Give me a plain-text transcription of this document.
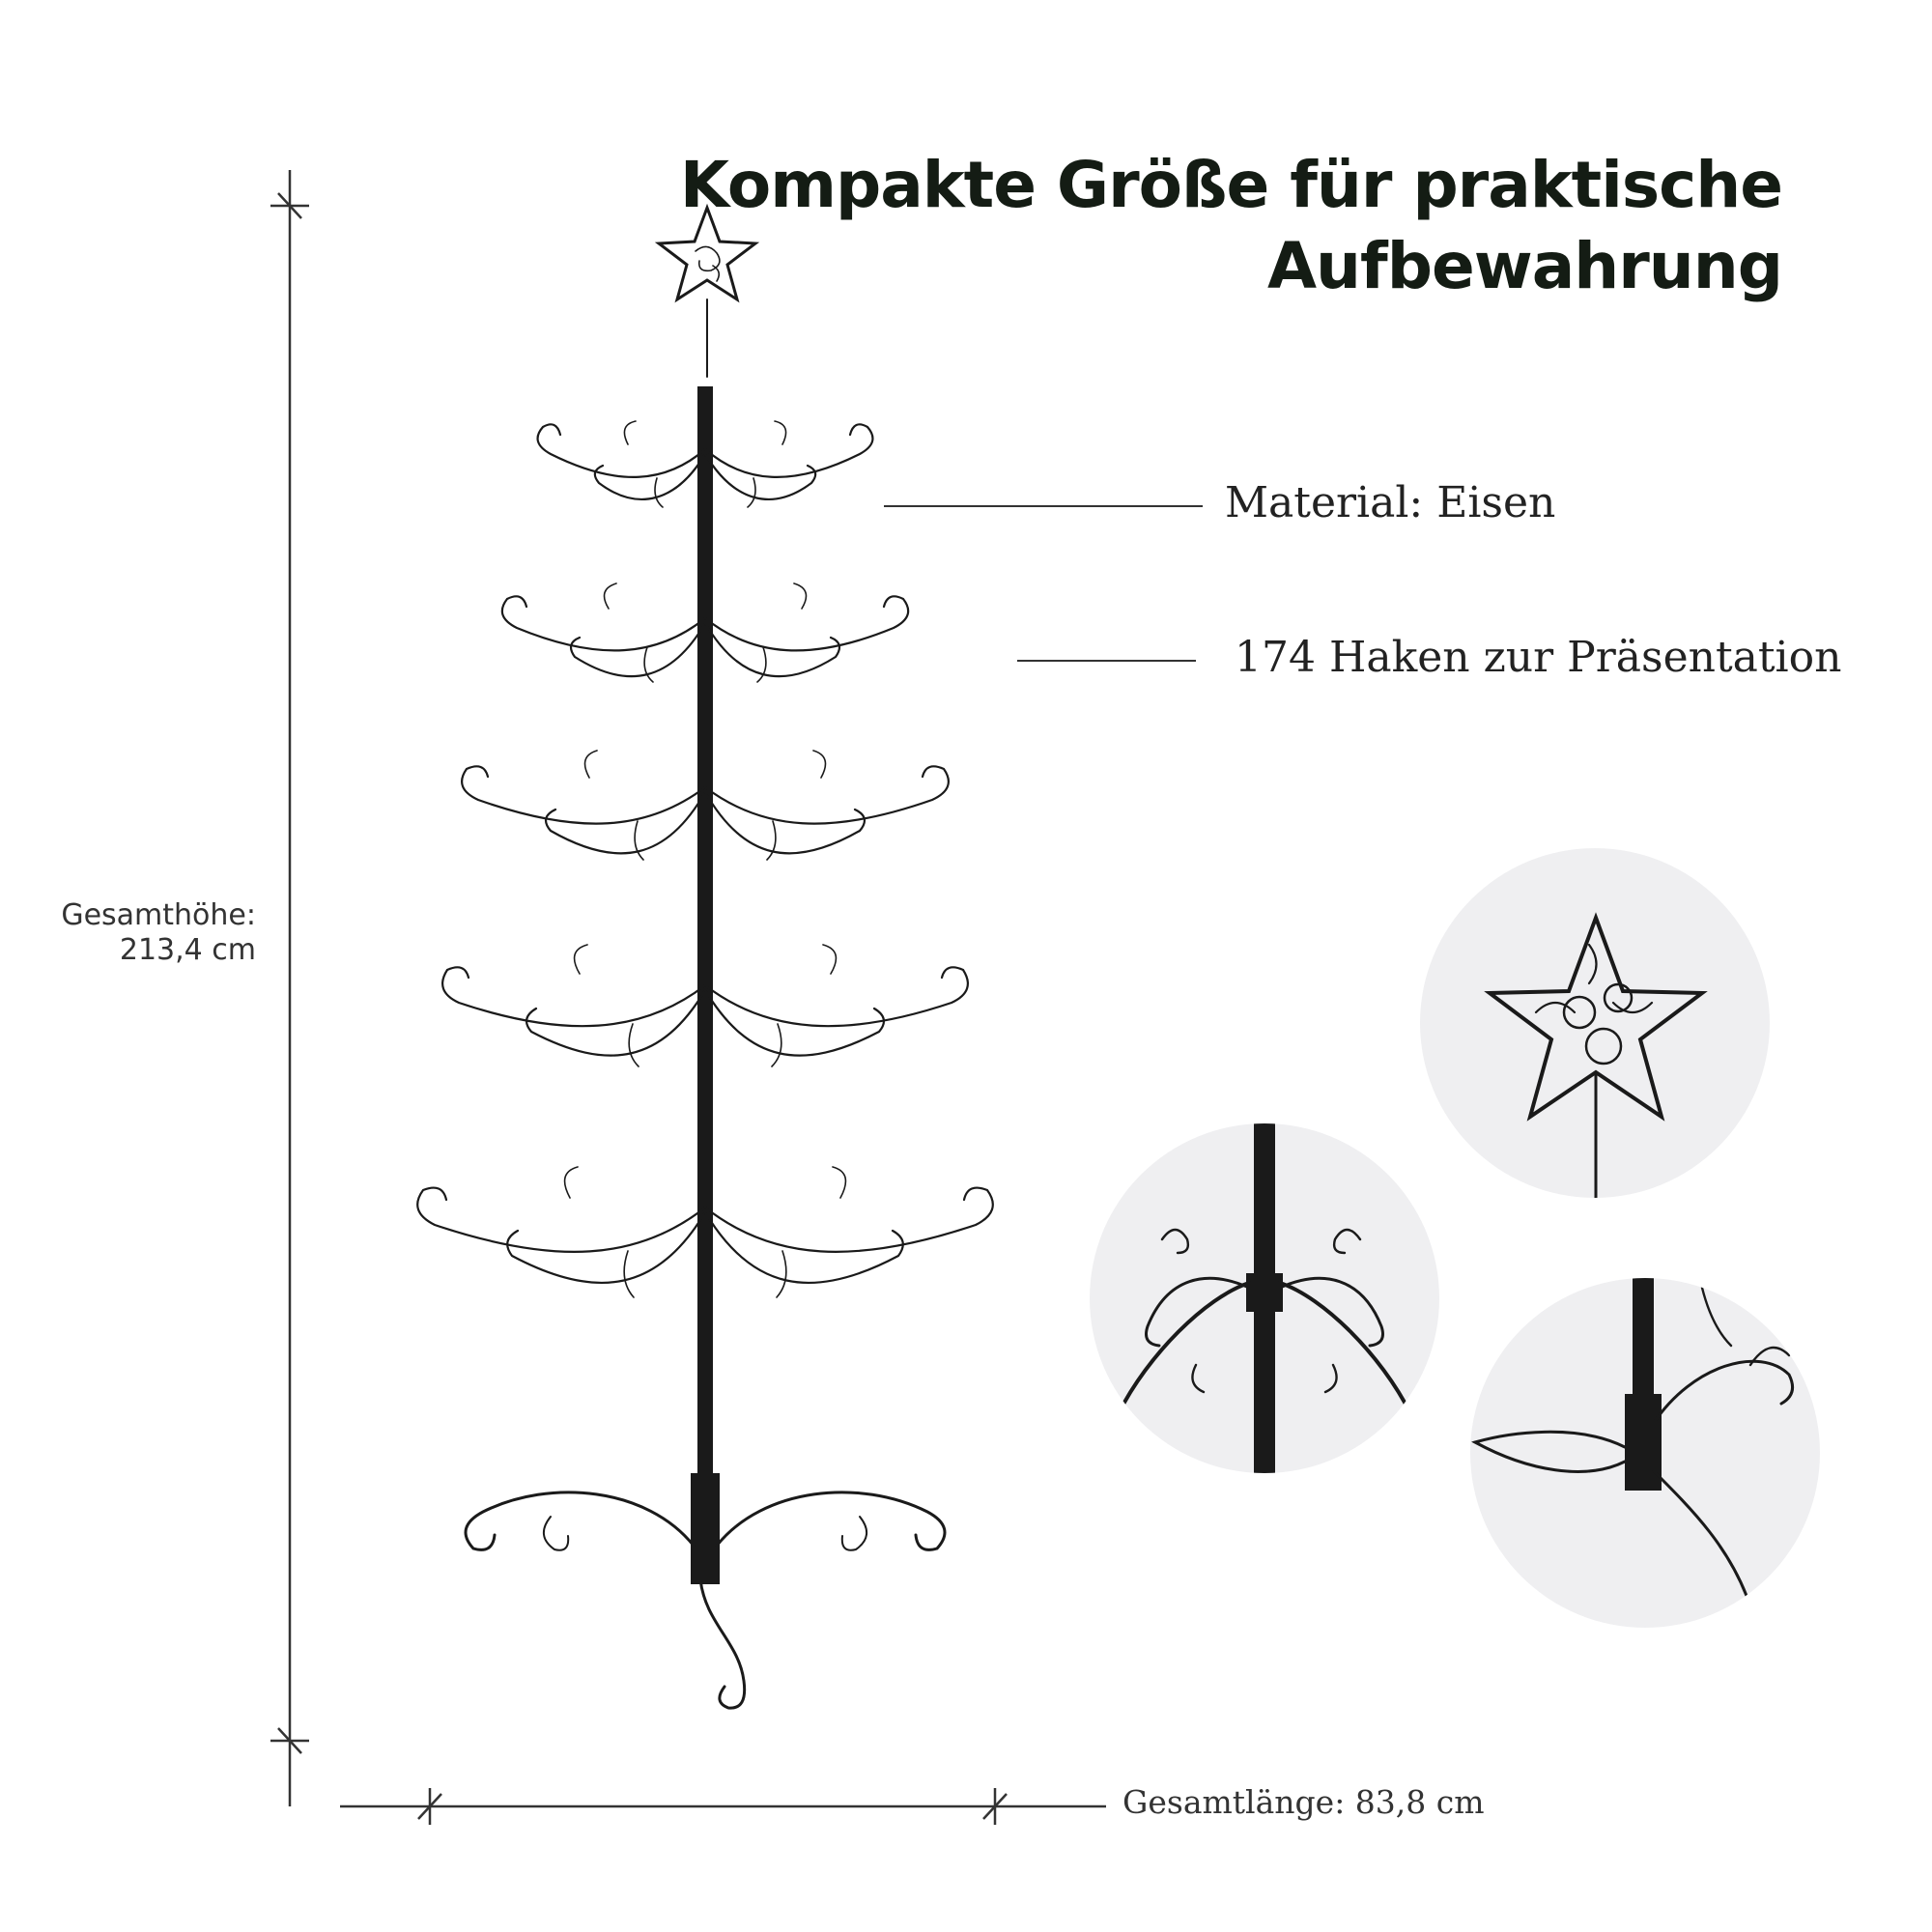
Kompakte Größe für praktische
Aufbewahrung
Material: Eisen
174 Haken zur Präsentation
Gesamthöhe:
213,4 cm
Gesamtlänge: 83,8 cm
